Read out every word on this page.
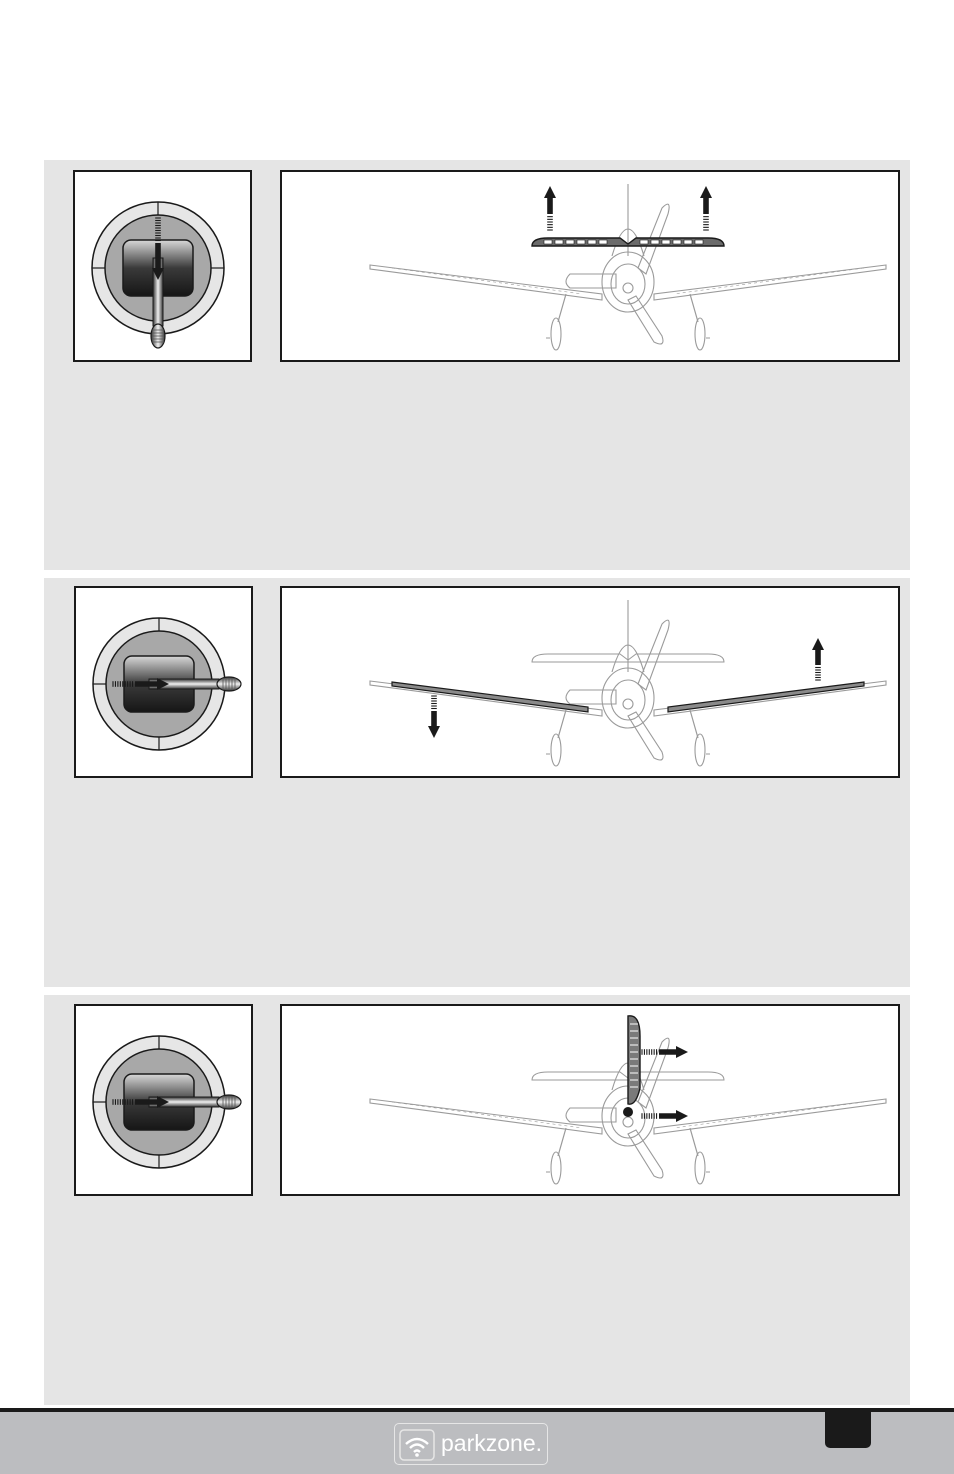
parkzone.
